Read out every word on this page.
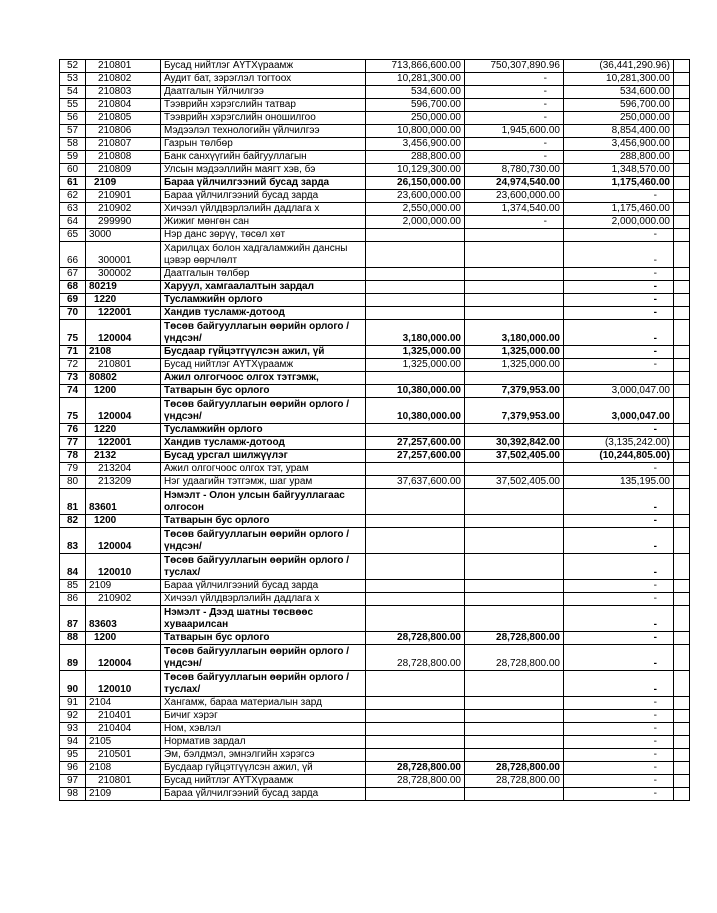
52	210801	Бусад нийтлэг АҮТХүраамж	713,866,600.00	750,307,890.96	(36,441,290.96)	
53	210802	Аудит бат, зэрэглэл тогтоох	10,281,300.00	-	10,281,300.00	
54	210803	Даатгалын Үйлчилгээ	534,600.00	-	534,600.00	
55	210804	Тээврийн хэрэгслийн татвар	596,700.00	-	596,700.00	
56	210805	Тээврийн хэрэгслийн оношилгоо	250,000.00	-	250,000.00	
57	210806	Мэдээлэл технологийн үйлчилгээ	10,800,000.00	1,945,600.00	8,854,400.00	
58	210807	Газрын төлбөр	3,456,900.00	-	3,456,900.00	
59	210808	Банк санхүүгийн байгууллагын	288,800.00	-	288,800.00	
60	210809	Улсын мэдээллийн маягт хэв, бэ	10,129,300.00	8,780,730.00	1,348,570.00	
61	2109	Бараа үйлчилгээний бусад зарда	26,150,000.00	24,974,540.00	1,175,460.00	
62	210901	Бараа үйлчилгээний бусад зарда	23,600,000.00	23,600,000.00	-	
63	210902	Хичээл үйлдвэрлэлийн дадлага х	2,550,000.00	1,374,540.00	1,175,460.00	
64	299990	Жижиг мөнгөн сан	2,000,000.00	-	2,000,000.00	
65	3000	Нэр данс зөрүү, төсөл хөт			-	
66	300001	Харилцах болон хадгаламжийн дансны цэвэр өөрчлөлт			-	
67	300002	Даатгалын төлбөр			-	
68	80219	Харуул, хамгаалалтын зардал			-	
69	1220	Тусламжийн орлого			-	
70	122001	Хандив тусламж-дотоод			-	
75	120004	Төсөв байгууллагын өөрийн орлого /үндсэн/	3,180,000.00	3,180,000.00	-	
71	2108	Бусдаар гүйцэтгүүлсэн ажил, үй	1,325,000.00	1,325,000.00	-	
72	210801	Бусад нийтлэг АҮТХүраамж	1,325,000.00	1,325,000.00	-	
73	80802	Ажил олгогчоос олгох тэтгэмж,				
74	1200	Татварын бус орлого	10,380,000.00	7,379,953.00	3,000,047.00	
75	120004	Төсөв байгууллагын өөрийн орлого /үндсэн/	10,380,000.00	7,379,953.00	3,000,047.00	
76	1220	Тусламжийн орлого			-	
77	122001	Хандив тусламж-дотоод	27,257,600.00	30,392,842.00	(3,135,242.00)	
78	2132	Бусад урсгал шилжүүлэг	27,257,600.00	37,502,405.00	(10,244,805.00)	
79	213204	Ажил олгогчоос олгох тэт, урам			-	
80	213209	Нэг удаагийн тэтгэмж, шаг урам	37,637,600.00	37,502,405.00	135,195.00	
81	83601	Нэмэлт - Олон улсын байгууллагаас олгосон			-	
82	1200	Татварын бус орлого			-	
83	120004	Төсөв байгууллагын өөрийн орлого /үндсэн/			-	
84	120010	Төсөв байгууллагын өөрийн орлого /туслах/			-	
85	2109	Бараа үйлчилгээний бусад зарда			-	
86	210902	Хичээл үйлдвэрлэлийн дадлага х			-	
87	83603	Нэмэлт - Дээд шатны төсвөөс хуваарилсан			-	
88	1200	Татварын бус орлого	28,728,800.00	28,728,800.00	-	
89	120004	Төсөв байгууллагын өөрийн орлого /үндсэн/	28,728,800.00	28,728,800.00	-	
90	120010	Төсөв байгууллагын өөрийн орлого /туслах/			-	
91	2104	Хангамж, бараа материалын зард			-	
92	210401	Бичиг хэрэг			-	
93	210404	Ном, хэвлэл			-	
94	2105	Норматив зардал			-	
95	210501	Эм, бэлдмэл, эмнэлгийн хэрэгсэ			-	
96	2108	Бусдаар гүйцэтгүүлсэн ажил, үй	28,728,800.00	28,728,800.00	-	
97	210801	Бусад нийтлэг АҮТХүраамж	28,728,800.00	28,728,800.00	-	
98	2109	Бараа үйлчилгээний бусад зарда			-	
